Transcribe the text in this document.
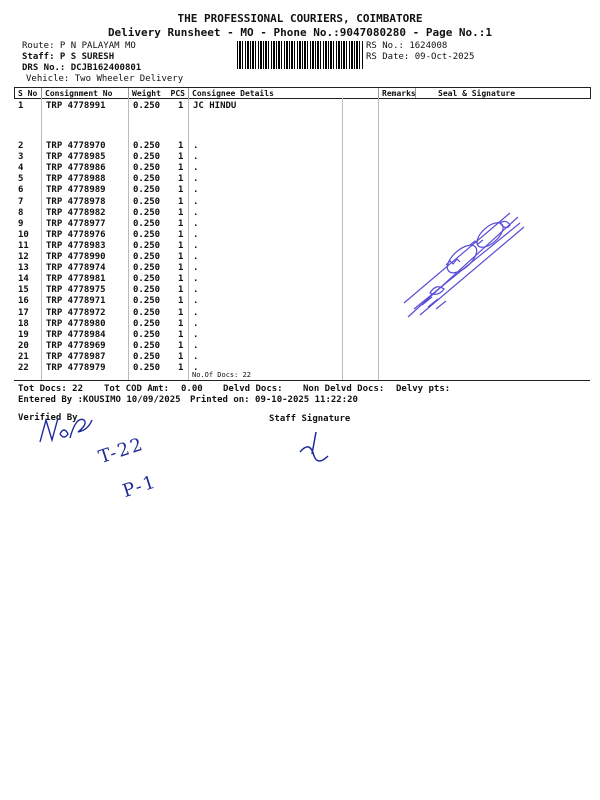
THE PROFESSIONAL COURIERS, COIMBATORE
Delivery Runsheet - MO - Phone No.:9047080280 - Page No.:1
Route: P N PALAYAM MO
Staff: P S SURESH
DRS No.: DCJB162400801
Vehicle: Two Wheeler Delivery
RS No.: 1624008
RS Date: 09-Oct-2025
S No	Consignment No	Weight PCS	Consignee Details	Remarks	Seal & Signature
1	TRP 4778991	0.250 1 JC HINDU
2	TRP 4778970	0.250 1 .
3	TRP 4778985	0.250 1 .
4	TRP 4778986	0.250 1 .
5	TRP 4778988	0.250 1 .
6	TRP 4778989	0.250 1 .
7	TRP 4778978	0.250 1 .
8	TRP 4778982	0.250 1 .
9	TRP 4778977	0.250 1 .
10 TRP 4778976	0.250 1 .
11 TRP 4778983	0.250 1 .
12 TRP 4778990	0.250 1 .
13 TRP 4778974	0.250 1 .
14 TRP 4778981	0.250 1 .
15 TRP 4778975	0.250 1 .
16 TRP 4778971	0.250 1 .
17 TRP 4778972	0.250 1 .
18 TRP 4778980	0.250 1 .
19 TRP 4778984	0.250 1 .
20 TRP 4778969	0.250 1 .
21 TRP 4778987	0.250 1 .
22 TRP 4778979	0.250 1 .
No.Of Docs: 22
Tot Docs: 22 Tot COD Amt: 0.00 Delvd Docs: Non Delvd Docs: Delvy pts:
Entered By :KOUSIMO 10/09/2025 Printed on: 09-10-2025 11:22:20
Verified By	Staff Signature
T-22
P-1
